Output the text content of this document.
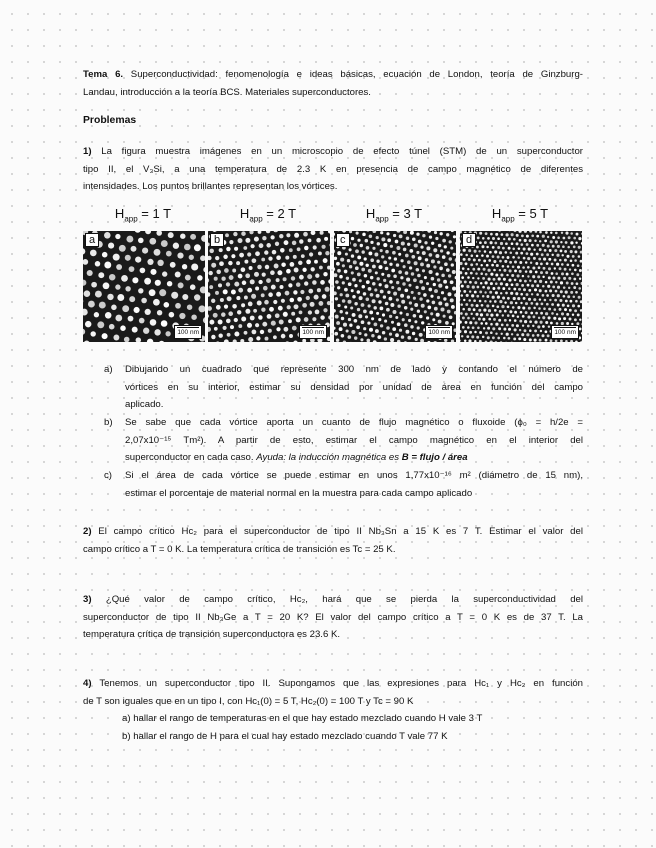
Tema 6. Superconductividad: fenomenología e ideas básicas, ecuación de London, teoría de Ginzburg-
Landau, introducción a la teoría BCS. Materiales superconductores.
Problemas
1) La figura muestra imágenes en un microscopio de efecto túnel (STM) de un superconductor
tipo II, el V₃Si, a una temperatura de 2.3 K en presencia de campo magnético de diferentes
intensidades. Los puntos brillantes representan los vórtices.
$H_{app} = 1$ T	$H_{app} = 2$ T	$H_{app} = 3$ T	$H_{app} = 5$ T
a
100 nm
b
100 nm
c
100 nm
d
100 nm
a) Dibujando un cuadrado que represente 300 nm de lado y contando el número de
vórtices en su interior, estimar su densidad por unidad de área en función del campo
aplicado.
b) Se sabe que cada vórtice aporta un cuanto de flujo magnético o fluxoide (ϕ₀ = h/2e =
2,07x10⁻¹⁵ Tm²). A partir de esto, estimar el campo magnético en el interior del
superconductor en cada caso. Ayuda: la inducción magnética es B = flujo / área
c) Si el área de cada vórtice se puede estimar en unos 1,77x10⁻¹⁶ m² (diámetro de 15 nm),
estimar el porcentaje de material normal en la muestra para cada campo aplicado
2) El campo crítico Hc₂ para el superconductor de tipo II Nb₃Sn a 15 K es 7 T. Estimar el valor del
campo crítico a T = 0 K. La temperatura crítica de transición es Tc = 25 K.
3) ¿Qué valor de campo crítico, Hc₂, hará que se pierda la superconductividad del
superconductor de tipo II Nb₃Ge a T = 20 K? El valor del campo crítico a T = 0 K es de 37 T. La
temperatura crítica de transición superconductora es 23.6 K.
4) Tenemos un superconductor tipo II. Supongamos que las expresiones para Hc₁ y Hc₂ en función
de T son iguales que en un tipo I, con Hc₁(0) = 5 T, Hc₂(0) = 100 T y Tc = 90 K
a) hallar el rango de temperaturas en el que hay estado mezclado cuando H vale 3 T
b) hallar el rango de H para el cual hay estado mezclado cuando T vale 77 K
